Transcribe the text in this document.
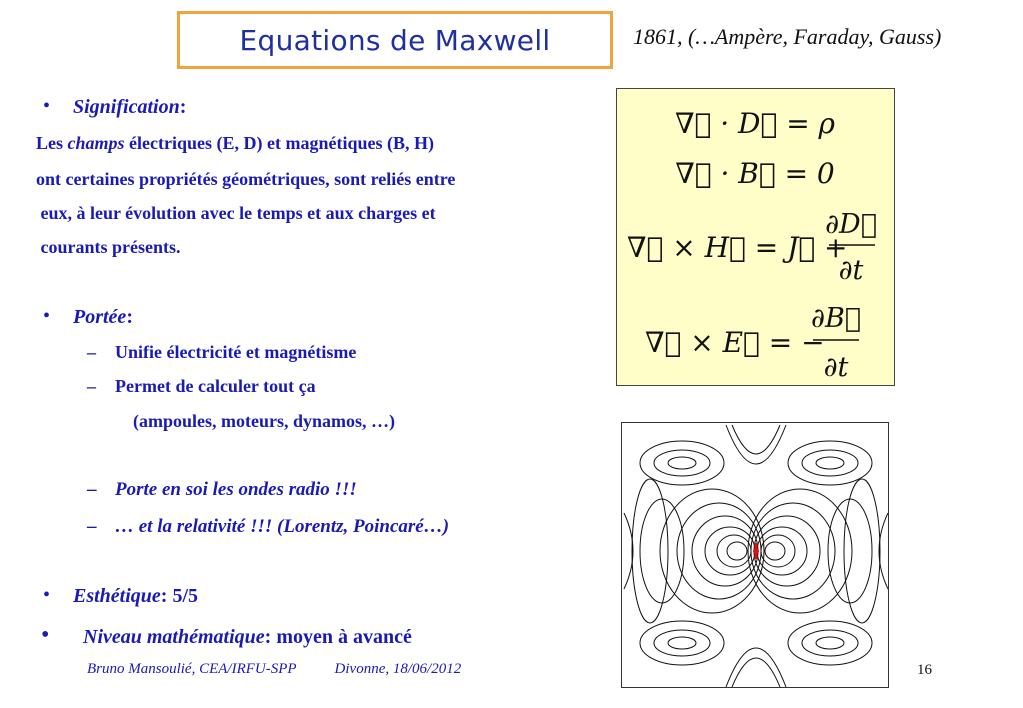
Equations de Maxwell	1861, (…Ampère, Faraday, Gauss)
• Signification:
Les champs électriques (E, D) et magnétiques (B, H)
ont certaines propriétés géométriques, sont reliés entre
eux, à leur évolution avec le temps et aux charges et
courants présents.
• Portée:
– Unifie électricité et magnétisme
– Permet de calculer tout ça
(ampoules, moteurs, dynamos, …)
– Porte en soi les ondes radio !!!
– … et la relativité !!! (Lorentz, Poincaré…)
• Esthétique: 5/5
• Niveau mathématique: moyen à avancé
∇⃗ · D⃗ = ρ
∇⃗ · B⃗ = 0
∇⃗ × H⃗ = J⃗ +
∂D⃗
∂t
∇⃗ × E⃗ = −
∂B⃗
∂t
Bruno Mansoulié, CEA/IRFU-SPP	Divonne, 18/06/2012	16
